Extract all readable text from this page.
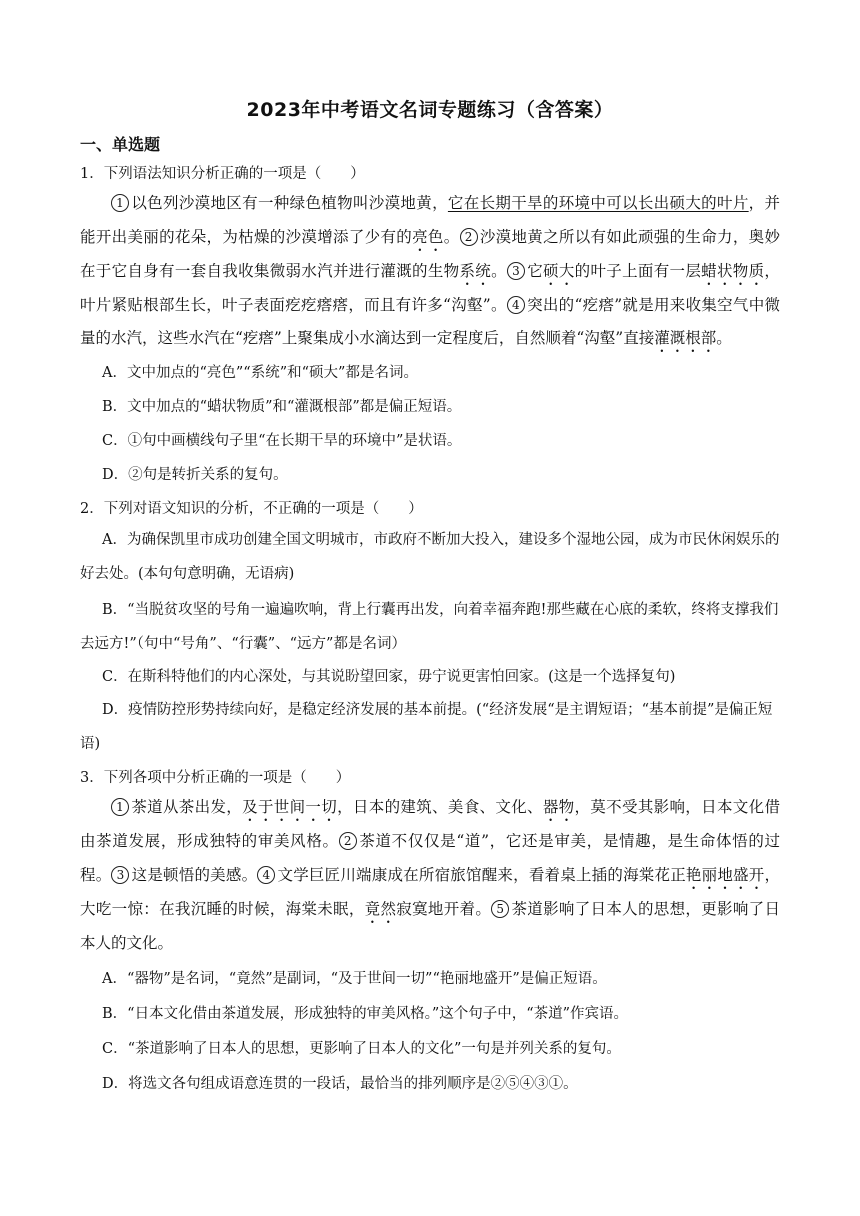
2023年中考语文名词专题练习（含答案）

一、单选题

1．下列语法知识分析正确的一项是（　　）

1 以色列沙漠地区有一种绿色植物叫沙漠地黄，它在长期干旱的环境中可以长出硕大的叶片，并能开出美丽的花朵，为枯燥的沙漠增添了少有的亮色。 2 沙漠地黄之所以有如此顽强的生命力，奥妙在于它自身有一套自我收集微弱水汽并进行灌溉的生物系统。 3 它硕大的叶子上面有一层蜡状物质，叶片紧贴根部生长，叶子表面疙疙瘩瘩，而且有许多“沟壑”。 4 突出的“疙瘩”就是用来收集空气中微量的水汽，这些水汽在“疙瘩”上聚集成小水滴达到一定程度后，自然顺着“沟壑”直接灌溉根部。

A．文中加点的“亮色”“系统”和“硕大”都是名词。

B．文中加点的“蜡状物质”和“灌溉根部”都是偏正短语。

C．①句中画横线句子里“在长期干旱的环境中”是状语。

D．②句是转折关系的复句。

2．下列对语文知识的分析，不正确的一项是（　　）

A．为确保凯里市成功创建全国文明城市，市政府不断加大投入，建设多个湿地公园，成为市民休闲娱乐的好去处。(本句句意明确，无语病)

B．“当脱贫攻坚的号角一遍遍吹响，背上行囊再出发，向着幸福奔跑!那些藏在心底的柔软，终将支撑我们去远方!”（句中“号角”、“行囊”、“远方”都是名词）

C．在斯科特他们的内心深处，与其说盼望回家，毋宁说更害怕回家。(这是一个选择复句)

D．疫情防控形势持续向好，是稳定经济发展的基本前提。(“经济发展“是主谓短语；“基本前提”是偏正短语)

3．下列各项中分析正确的一项是（　　）

1 茶道从茶出发，及于世间一切，日本的建筑、美食、文化、器物，莫不受其影响，日本文化借由茶道发展，形成独特的审美风格。 2 茶道不仅仅是“道”，它还是审美，是情趣，是生命体悟的过程。 3 这是顿悟的美感。 4 文学巨匠川端康成在所宿旅馆醒来，看着桌上插的海棠花正艳丽地盛开，大吃一惊：在我沉睡的时候，海棠未眠，竟然寂寞地开着。 5 茶道影响了日本人的思想，更影响了日本人的文化。

A．“器物”是名词，“竟然”是副词，“及于世间一切”“艳丽地盛开”是偏正短语。

B．“日本文化借由茶道发展，形成独特的审美风格。”这个句子中，“茶道”作宾语。

C．“茶道影响了日本人的思想，更影响了日本人的文化”一句是并列关系的复句。

D．将选文各句组成语意连贯的一段话，最恰当的排列顺序是②⑤④③①。
